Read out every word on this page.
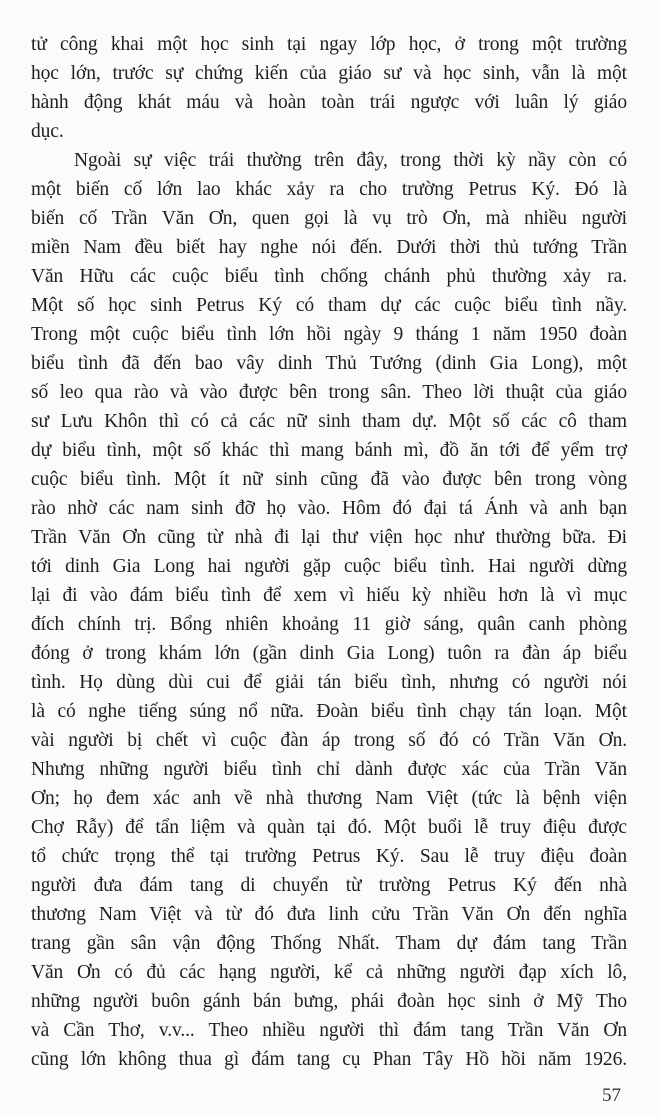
tử công khai một học sinh tại ngay lớp học, ở trong một trường
học lớn, trước sự chứng kiến của giáo sư và học sinh, vẫn là một
hành động khát máu và hoàn toàn trái ngược với luân lý giáo
dục.
Ngoài sự việc trái thường trên đây, trong thời kỳ nầy còn có
một biến cố lớn lao khác xảy ra cho trường Petrus Ký. Đó là
biến cố Trần Văn Ơn, quen gọi là vụ trò Ơn, mà nhiều người
miền Nam đều biết hay nghe nói đến. Dưới thời thủ tướng Trần
Văn Hữu các cuộc biểu tình chống chánh phủ thường xảy ra.
Một số học sinh Petrus Ký có tham dự các cuộc biểu tình nầy.
Trong một cuộc biểu tình lớn hồi ngày 9 tháng 1 năm 1950 đoàn
biểu tình đã đến bao vây dinh Thủ Tướng (dinh Gia Long), một
số leo qua rào và vào được bên trong sân. Theo lời thuật của giáo
sư Lưu Khôn thì có cả các nữ sinh tham dự. Một số các cô tham
dự biểu tình, một số khác thì mang bánh mì, đồ ăn tới để yểm trợ
cuộc biểu tình. Một ít nữ sinh cũng đã vào được bên trong vòng
rào nhờ các nam sinh đỡ họ vào. Hôm đó đại tá Ánh và anh bạn
Trần Văn Ơn cũng từ nhà đi lại thư viện học như thường bữa. Đi
tới dinh Gia Long hai người gặp cuộc biểu tình. Hai người dừng
lại đi vào đám biểu tình để xem vì hiếu kỳ nhiều hơn là vì mục
đích chính trị. Bổng nhiên khoảng 11 giờ sáng, quân canh phòng
đóng ở trong khám lớn (gần dinh Gia Long) tuôn ra đàn áp biểu
tình. Họ dùng dùi cui để giải tán biểu tình, nhưng có người nói
là có nghe tiếng súng nổ nữa. Đoàn biểu tình chạy tán loạn. Một
vài người bị chết vì cuộc đàn áp trong số đó có Trần Văn Ơn.
Nhưng những người biểu tình chỉ dành được xác của Trần Văn
Ơn; họ đem xác anh về nhà thương Nam Việt (tức là bệnh viện
Chợ Rẫy) để tẩn liệm và quàn tại đó. Một buổi lễ truy điệu được
tổ chức trọng thể tại trường Petrus Ký. Sau lễ truy điệu đoàn
người đưa đám tang di chuyển từ trường Petrus Ký đến nhà
thương Nam Việt và từ đó đưa linh cửu Trần Văn Ơn đến nghĩa
trang gần sân vận động Thống Nhất. Tham dự đám tang Trần
Văn Ơn có đủ các hạng người, kể cả những người đạp xích lô,
những người buôn gánh bán bưng, phái đoàn học sinh ở Mỹ Tho
và Cần Thơ, v.v... Theo nhiều người thì đám tang Trần Văn Ơn
cũng lớn không thua gì đám tang cụ Phan Tây Hồ hồi năm 1926.
57
